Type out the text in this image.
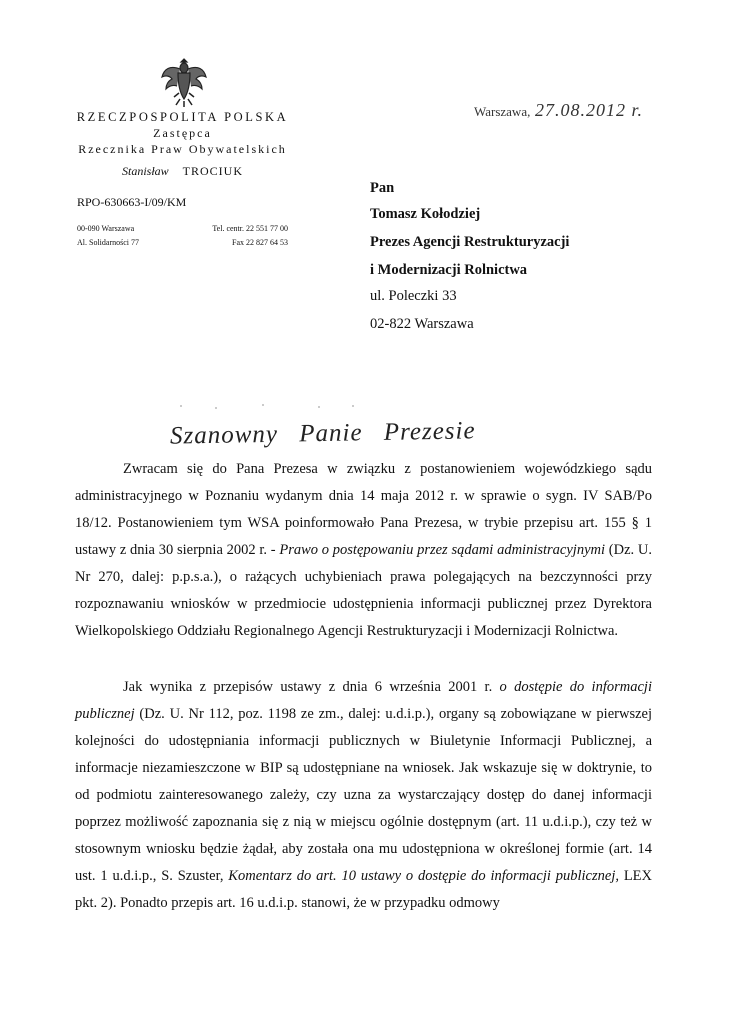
RZECZPOSPOLITA POLSKA
Zastępca
Rzecznika Praw Obywatelskich
Stanisław TROCIUK
RPO-630663-I/09/KM
00-090 Warszawa
Al. Solidarności 77
Tel. centr. 22 551 77 00
Fax 22 827 64 53
Warszawa, 27.08.2012 r.
Pan
Tomasz Kołodziej
Prezes Agencji Restrukturyzacji
i Modernizacji Rolnictwa
ul. Poleczki 33
02-822 Warszawa
Szanowny Panie Prezesie

Zwracam się do Pana Prezesa w związku z postanowieniem wojewódzkiego sądu administracyjnego w Poznaniu wydanym dnia 14 maja 2012 r. w sprawie o sygn. IV SAB/Po 18/12. Postanowieniem tym WSA poinformowało Pana Prezesa, w trybie przepisu art. 155 § 1 ustawy z dnia 30 sierpnia 2002 r. - Prawo o postępowaniu przez sądami administracyjnymi (Dz. U. Nr 270, dalej: p.p.s.a.), o rażących uchybieniach prawa polegających na bezczynności przy rozpoznawaniu wniosków w przedmiocie udostępnienia informacji publicznej przez Dyrektora Wielkopolskiego Oddziału Regionalnego Agencji Restrukturyzacji i Modernizacji Rolnictwa.

Jak wynika z przepisów ustawy z dnia 6 września 2001 r. o dostępie do informacji publicznej (Dz. U. Nr 112, poz. 1198 ze zm., dalej: u.d.i.p.), organy są zobowiązane w pierwszej kolejności do udostępniania informacji publicznych w Biuletynie Informacji Publicznej, a informacje niezamieszczone w BIP są udostępniane na wniosek. Jak wskazuje się w doktrynie, to od podmiotu zainteresowanego zależy, czy uzna za wystarczający dostęp do danej informacji poprzez możliwość zapoznania się z nią w miejscu ogólnie dostępnym (art. 11 u.d.i.p.), czy też w stosownym wniosku będzie żądał, aby została ona mu udostępniona w określonej formie (art. 14 ust. 1 u.d.i.p., S. Szuster, Komentarz do art. 10 ustawy o dostępie do informacji publicznej, LEX pkt. 2). Ponadto przepis art. 16 u.d.i.p. stanowi, że w przypadku odmowy
